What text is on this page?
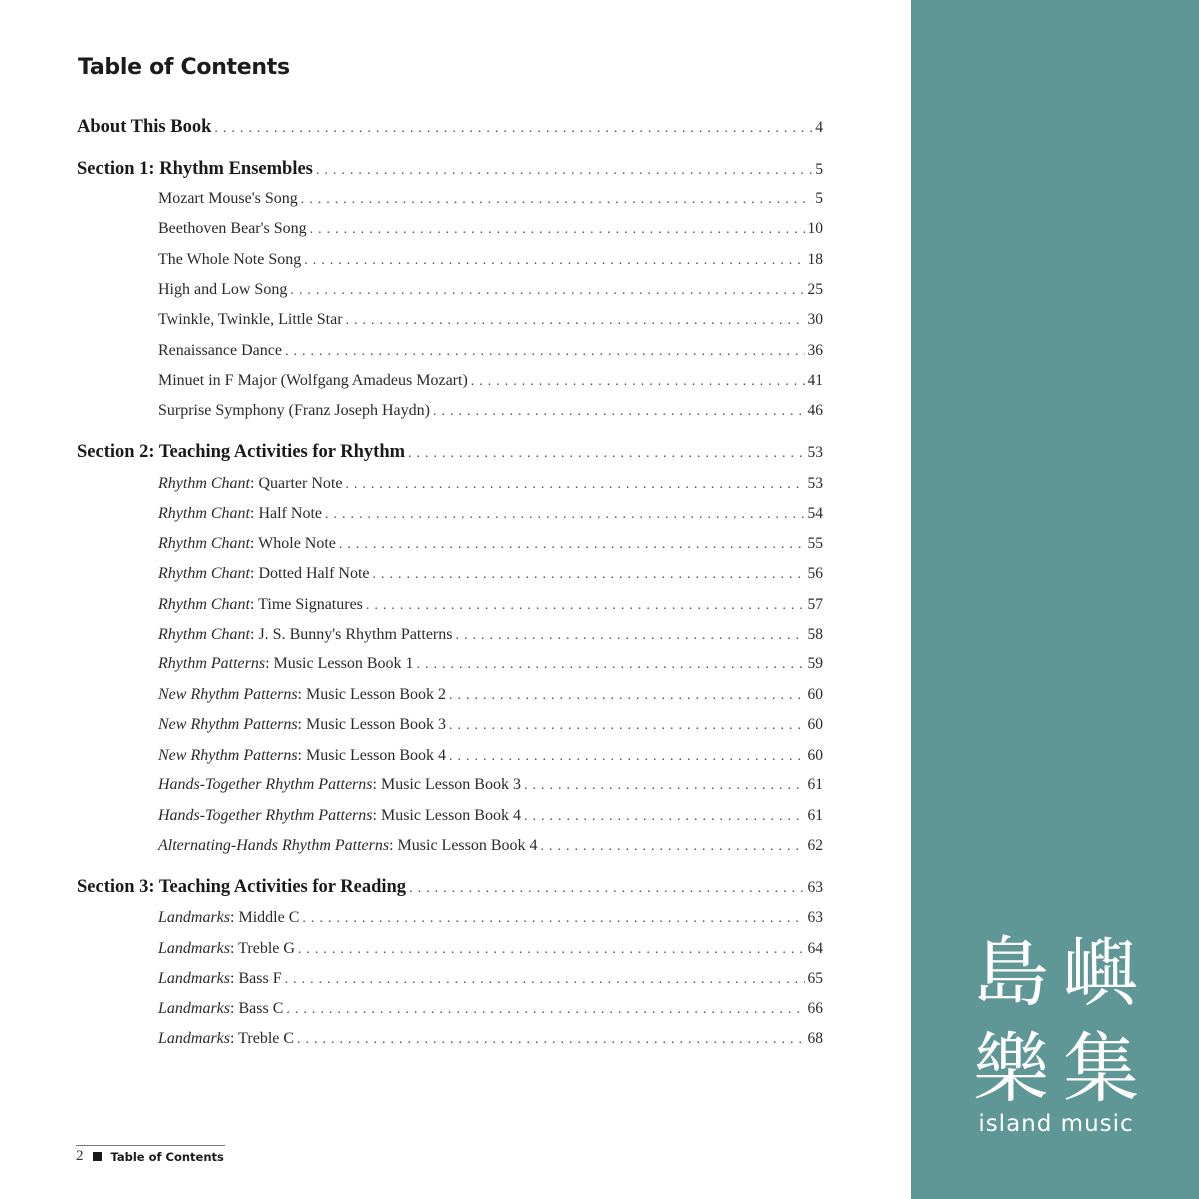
Table of Contents
About This Book . . .	4
Section 1: Rhythm Ensembles . . .	5
Mozart Mouse's Song . . .	5
Beethoven Bear's Song . . .	10
The Whole Note Song . . .	18
High and Low Song . . .	25
Twinkle, Twinkle, Little Star . . .	30
Renaissance Dance . . .	36
Minuet in F Major (Wolfgang Amadeus Mozart) . . .	41
Surprise Symphony (Franz Joseph Haydn) . . .	46
Section 2: Teaching Activities for Rhythm . . .	53
Rhythm Chant: Quarter Note . . .	53
Rhythm Chant: Half Note . . .	54
Rhythm Chant: Whole Note . . .	55
Rhythm Chant: Dotted Half Note . . .	56
Rhythm Chant: Time Signatures . . .	57
Rhythm Chant: J. S. Bunny's Rhythm Patterns . . .	58
Rhythm Patterns: Music Lesson Book 1 . . .	59
New Rhythm Patterns: Music Lesson Book 2 . . .	60
New Rhythm Patterns: Music Lesson Book 3 . . .	60
New Rhythm Patterns: Music Lesson Book 4 . . .	60
Hands-Together Rhythm Patterns: Music Lesson Book 3 . . .	61
Hands-Together Rhythm Patterns: Music Lesson Book 4 . . .	61
Alternating-Hands Rhythm Patterns: Music Lesson Book 4 . . .	62
Section 3: Teaching Activities for Reading . . .	63
Landmarks: Middle C . . .	63
Landmarks: Treble G . . .	64
Landmarks: Bass F . . .	65
Landmarks: Bass C . . .	66
Landmarks: Treble C . . .	68
2 Table of Contents
島 嶼
樂 集
island music
